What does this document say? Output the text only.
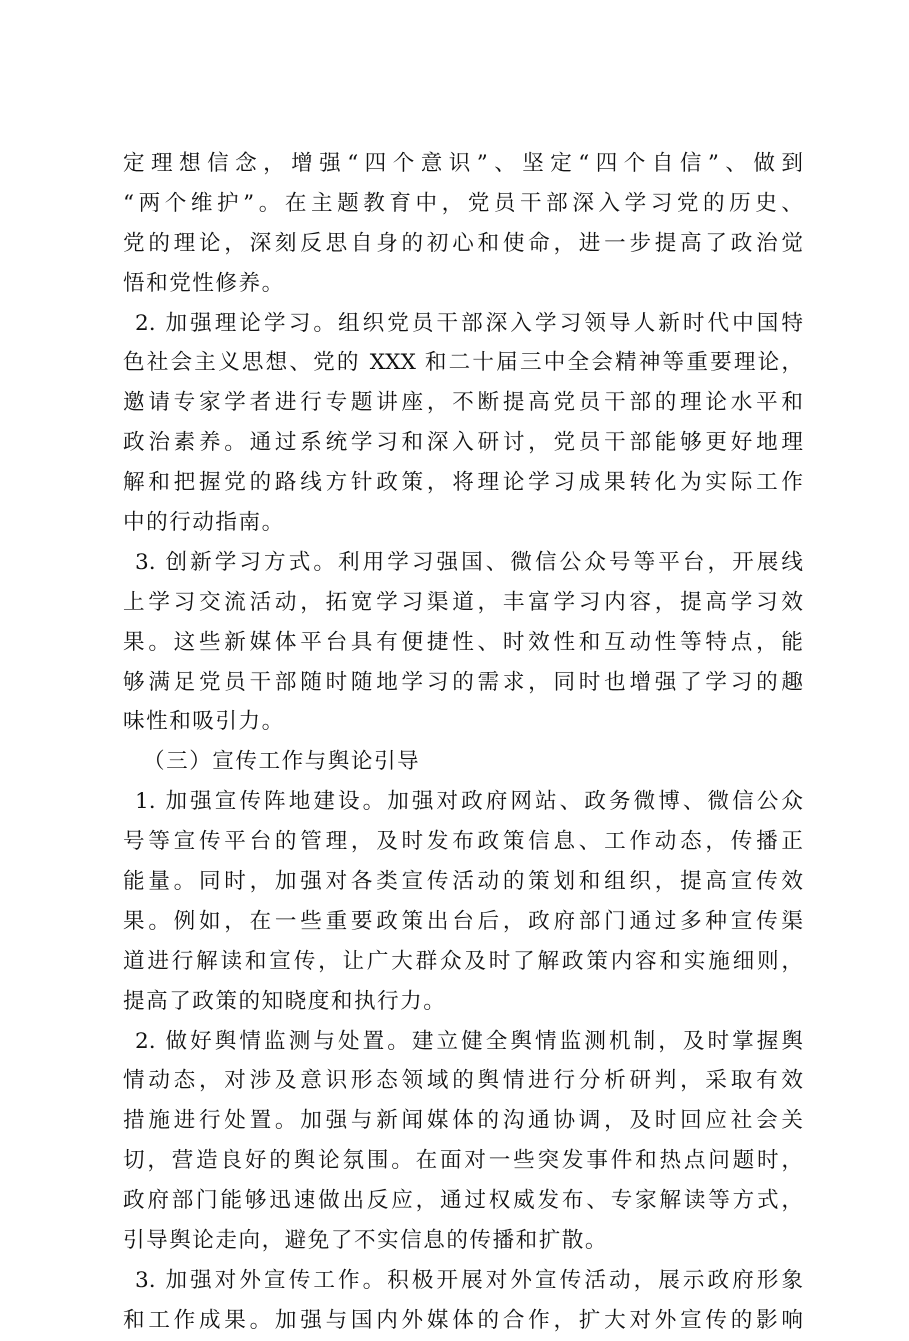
定理想信念，增强“四个意识”、坚定“四个自信”、做到
“两个维护”。在主题教育中，党员干部深入学习党的历史、
党的理论，深刻反思自身的初心和使命，进一步提高了政治觉
悟和党性修养。
2. 加强理论学习。组织党员干部深入学习领导人新时代中国特
色社会主义思想、党的 XXX 和二十届三中全会精神等重要理论，
邀请专家学者进行专题讲座，不断提高党员干部的理论水平和
政治素养。通过系统学习和深入研讨，党员干部能够更好地理
解和把握党的路线方针政策，将理论学习成果转化为实际工作
中的行动指南。
3. 创新学习方式。利用学习强国、微信公众号等平台，开展线
上学习交流活动，拓宽学习渠道，丰富学习内容，提高学习效
果。这些新媒体平台具有便捷性、时效性和互动性等特点，能
够满足党员干部随时随地学习的需求，同时也增强了学习的趣
味性和吸引力。
（三）宣传工作与舆论引导
1. 加强宣传阵地建设。加强对政府网站、政务微博、微信公众
号等宣传平台的管理，及时发布政策信息、工作动态，传播正
能量。同时，加强对各类宣传活动的策划和组织，提高宣传效
果。例如，在一些重要政策出台后，政府部门通过多种宣传渠
道进行解读和宣传，让广大群众及时了解政策内容和实施细则，
提高了政策的知晓度和执行力。
2. 做好舆情监测与处置。建立健全舆情监测机制，及时掌握舆
情动态，对涉及意识形态领域的舆情进行分析研判，采取有效
措施进行处置。加强与新闻媒体的沟通协调，及时回应社会关
切，营造良好的舆论氛围。在面对一些突发事件和热点问题时，
政府部门能够迅速做出反应，通过权威发布、专家解读等方式，
引导舆论走向，避免了不实信息的传播和扩散。
3. 加强对外宣传工作。积极开展对外宣传活动，展示政府形象
和工作成果。加强与国内外媒体的合作，扩大对外宣传的影响
